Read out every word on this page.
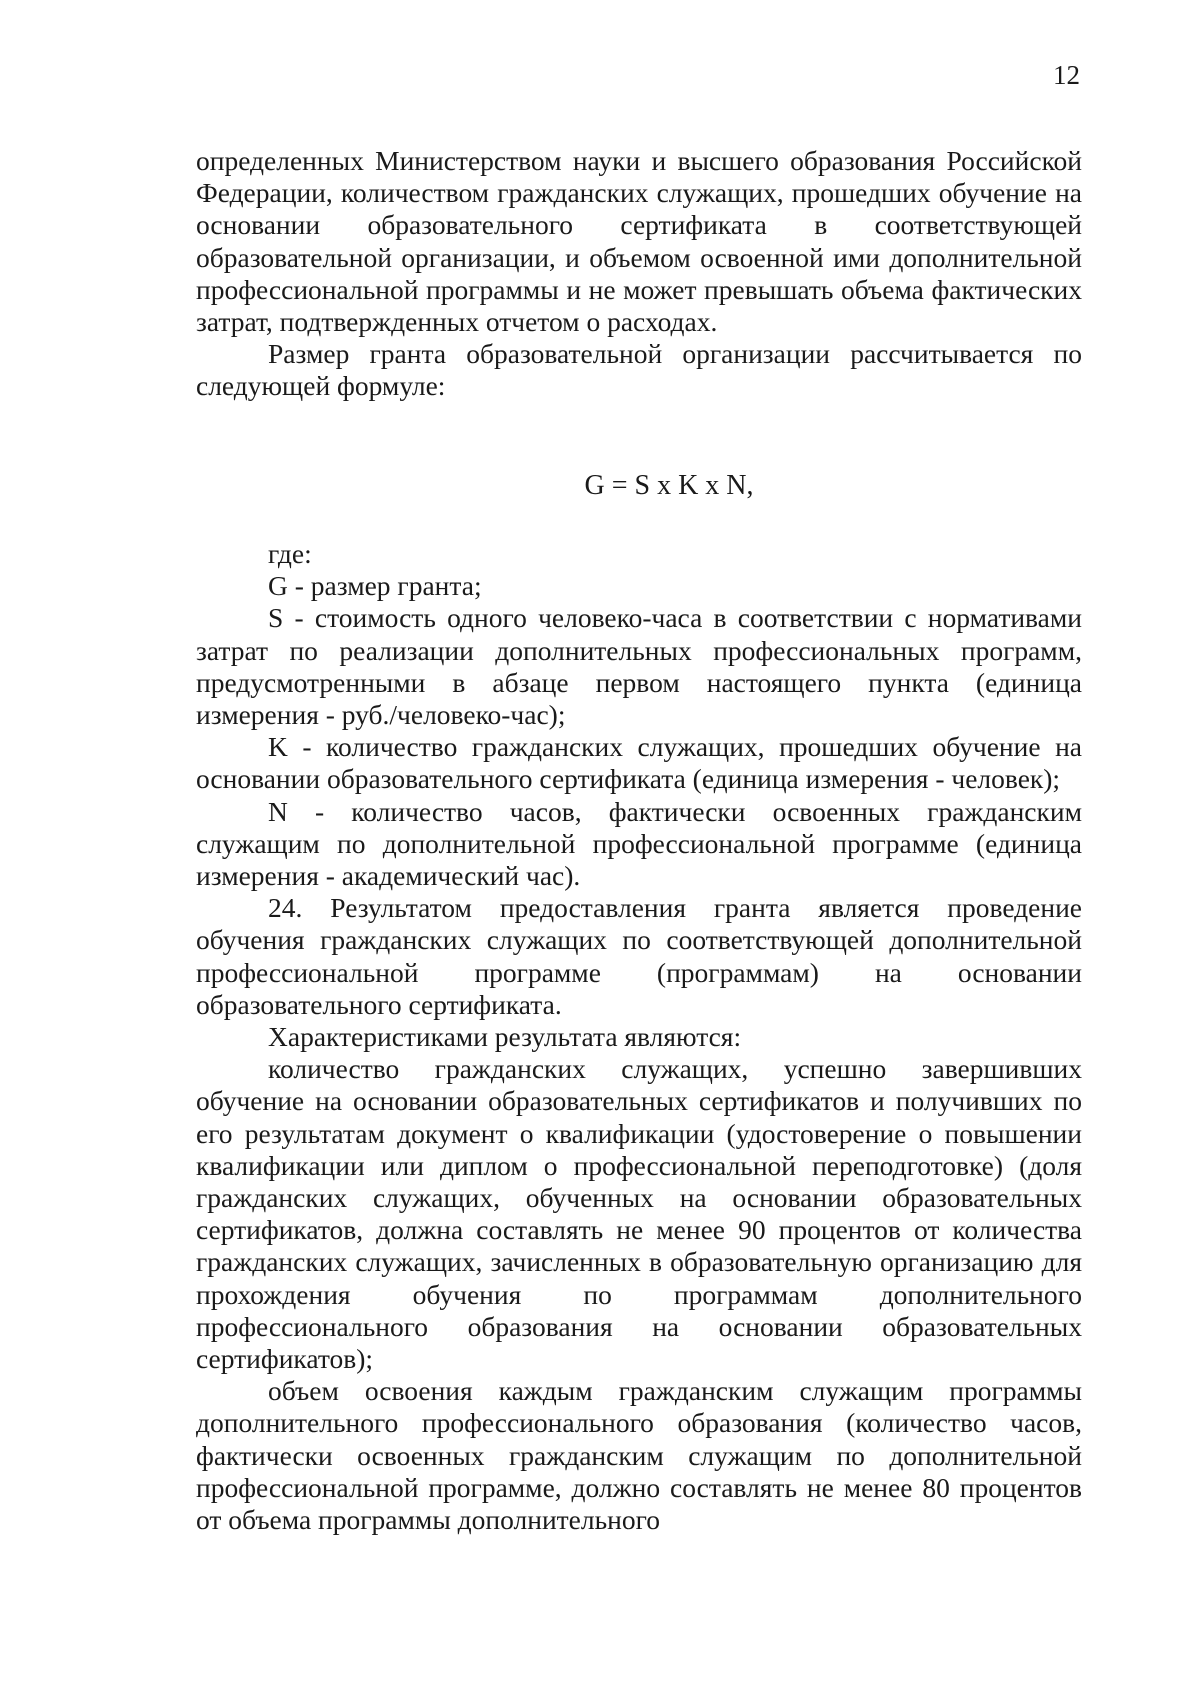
12

определенных Министерством науки и высшего образования Российской Федерации, количеством гражданских служащих, прошедших обучение на основании образовательного сертификата в соответствующей образовательной организации, и объемом освоенной ими дополнительной профессиональной программы и не может превышать объема фактических затрат, подтвержденных отчетом о расходах.

Размер гранта образовательной организации рассчитывается по следующей формуле:

G = S x K x N,

где:

G - размер гранта;

S - стоимость одного человеко-часа в соответствии с нормативами затрат по реализации дополнительных профессиональных программ, предусмотренными в абзаце первом настоящего пункта (единица измерения - руб./человеко-час);

K - количество гражданских служащих, прошедших обучение на основании образовательного сертификата (единица измерения - человек);

N - количество часов, фактически освоенных гражданским служащим по дополнительной профессиональной программе (единица измерения - академический час).

24. Результатом предоставления гранта является проведение обучения гражданских служащих по соответствующей дополнительной профессиональной программе (программам) на основании образовательного сертификата.

Характеристиками результата являются:

количество гражданских служащих, успешно завершивших обучение на основании образовательных сертификатов и получивших по его результатам документ о квалификации (удостоверение о повышении квалификации или диплом о профессиональной переподготовке) (доля гражданских служащих, обученных на основании образовательных сертификатов, должна составлять не менее 90 процентов от количества гражданских служащих, зачисленных в образовательную организацию для прохождения обучения по программам дополнительного профессионального образования на основании образовательных сертификатов);

объем освоения каждым гражданским служащим программы дополнительного профессионального образования (количество часов, фактически освоенных гражданским служащим по дополнительной профессиональной программе, должно составлять не менее 80 процентов от объема программы дополнительного
